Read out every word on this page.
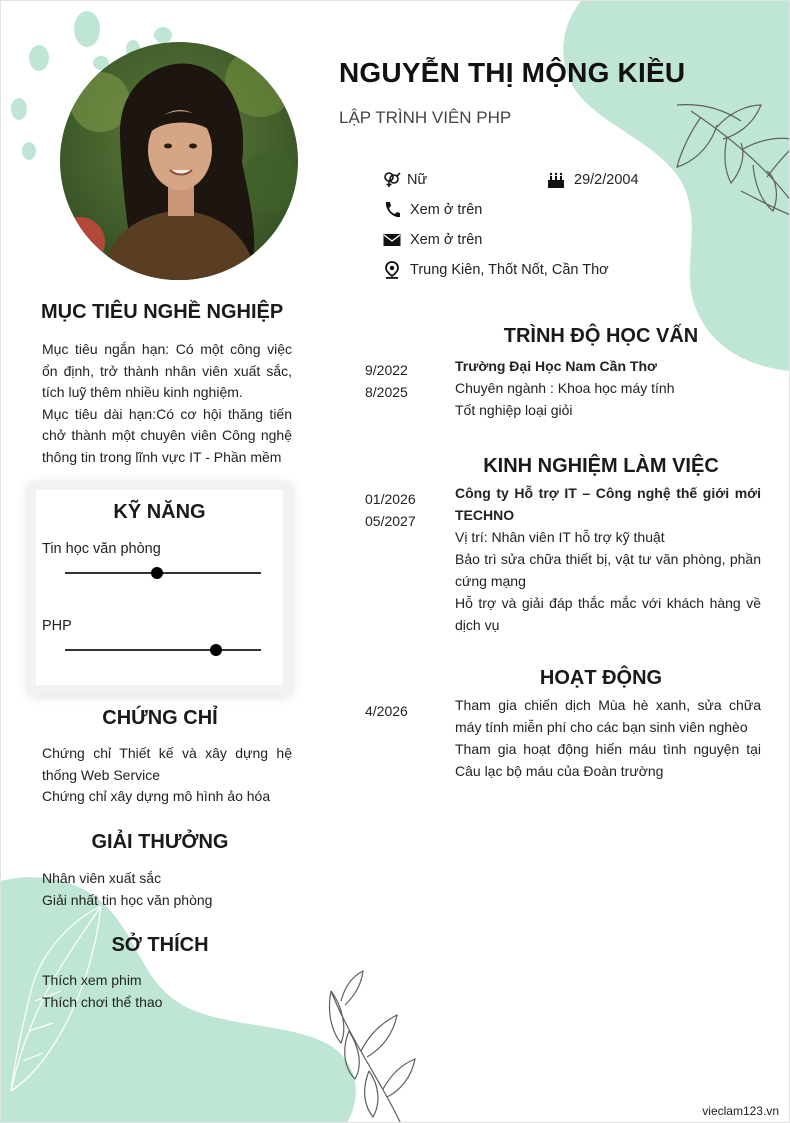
NGUYỄN THỊ MỘNG KIỀU
LẬP TRÌNH VIÊN PHP
Nữ	29/2/2004
Xem ở trên
Xem ở trên
Trung Kiên, Thốt Nốt, Cần Thơ
MỤC TIÊU NGHỀ NGHIỆP

Mục tiêu ngắn hạn: Có một công việc ổn định, trở thành nhân viên xuất sắc, tích luỹ thêm nhiều kinh nghiệm.

Mục tiêu dài hạn:Có cơ hội thăng tiến chở thành một chuyên viên Công nghệ thông tin trong lĩnh vực IT - Phần mềm

KỸ NĂNG
Tin học văn phòng
PHP
CHỨNG CHỈ

Chứng chỉ Thiết kế và xây dựng hệ thống Web Service

Chứng chỉ xây dựng mô hình ảo hóa

GIẢI THƯỞNG

Nhân viên xuất sắc

Giải nhất tin học văn phòng

SỞ THÍCH

Thích xem phim

Thích chơi thể thao

TRÌNH ĐỘ HỌC VẤN
9/2022
8/2025
Trường Đại Học Nam Cần Thơ
Chuyên ngành : Khoa học máy tính
Tốt nghiệp loại giỏi
KINH NGHIỆM LÀM VIỆC
01/2026
05/2027
Công ty Hỗ trợ IT – Công nghệ thế giới mới TECHNO
Vị trí: Nhân viên IT hỗ trợ kỹ thuật
Bảo trì sửa chữa thiết bị, vật tư văn phòng, phần cứng mạng
Hỗ trợ và giải đáp thắc mắc với khách hàng về dịch vụ
HOẠT ĐỘNG
4/2026	Tham gia chiến dịch Mùa hè xanh, sửa chữa máy tính miễn phí cho các bạn sinh viên nghèo
Tham gia hoạt động hiến máu tình nguyện tại Câu lạc bộ máu của Đoàn trường
vieclam123.vn
